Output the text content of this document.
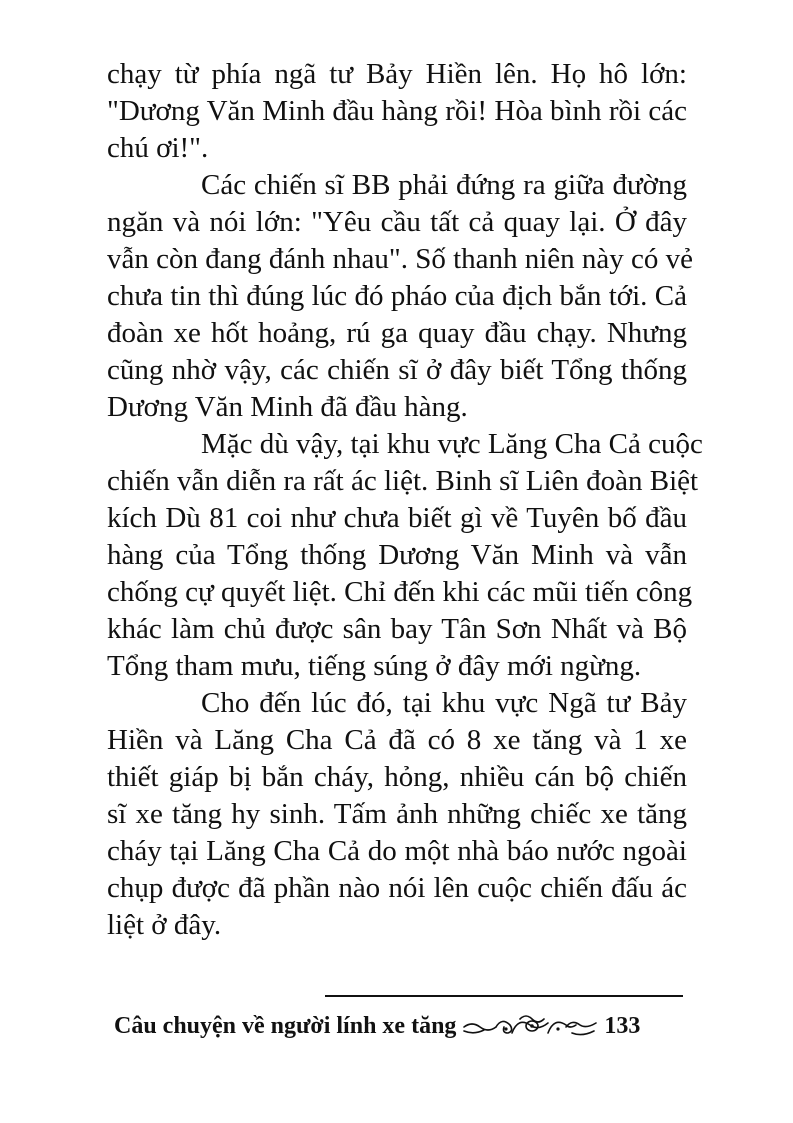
chạy từ phía ngã tư Bảy Hiền lên. Họ hô lớn:
"Dương Văn Minh đầu hàng rồi! Hòa bình rồi các
chú ơi!".
Các chiến sĩ BB phải đứng ra giữa đường
ngăn và nói lớn: "Yêu cầu tất cả quay lại. Ở đây
vẫn còn đang đánh nhau". Số thanh niên này có vẻ
chưa tin thì đúng lúc đó pháo của địch bắn tới. Cả
đoàn xe hốt hoảng, rú ga quay đầu chạy. Nhưng
cũng nhờ vậy, các chiến sĩ ở đây biết Tổng thống
Dương Văn Minh đã đầu hàng.
Mặc dù vậy, tại khu vực Lăng Cha Cả cuộc
chiến vẫn diễn ra rất ác liệt. Binh sĩ Liên đoàn Biệt
kích Dù 81 coi như chưa biết gì về Tuyên bố đầu
hàng của Tổng thống Dương Văn Minh và vẫn
chống cự quyết liệt. Chỉ đến khi các mũi tiến công
khác làm chủ được sân bay Tân Sơn Nhất và Bộ
Tổng tham mưu, tiếng súng ở đây mới ngừng.
Cho đến lúc đó, tại khu vực Ngã tư Bảy
Hiền và Lăng Cha Cả đã có 8 xe tăng và 1 xe
thiết giáp bị bắn cháy, hỏng, nhiều cán bộ chiến
sĩ xe tăng hy sinh. Tấm ảnh những chiếc xe tăng
cháy tại Lăng Cha Cả do một nhà báo nước ngoài
chụp được đã phần nào nói lên cuộc chiến đấu ác
liệt ở đây.
Câu chuyện về người lính xe tăng	133
